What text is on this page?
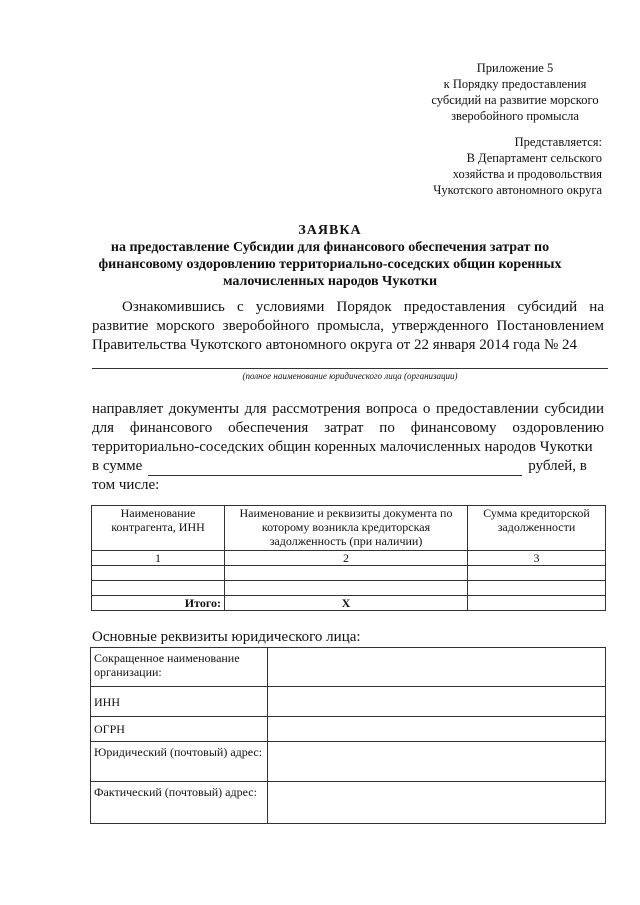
Приложение 5
к Порядку предоставления
субсидий на развитие морского
зверобойного промысла
Представляется:
В Департамент сельского
хозяйства и продовольствия
Чукотского автономного округа
ЗАЯВКА
на предоставление Субсидии для финансового обеспечения затрат по
финансовому оздоровлению территориально-соседских общин коренных
малочисленных народов Чукотки
Ознакомившись с условиями Порядок предоставления субсидий на развитие морского зверобойного промысла, утвержденного Постановлением Правительства Чукотского автономного округа от 22 января 2014 года № 24
(полное наименование юридического лица (организации)
направляет документы для рассмотрения вопроса о предоставлении субсидии для финансового обеспечения затрат по финансовому оздоровлению территориально-соседских общин коренных малочисленных народов Чукотки
в сумме	рублей, в
том числе:
Наименование контрагента, ИНН	Наименование и реквизиты документа по которому возникла кредиторская задолженность (при наличии)	Сумма кредиторской задолженности
1	2	3

Итого:	Х	
Основные реквизиты юридического лица:
Сокращенное наименование организации:	
ИНН	
ОГРН	
Юридический (почтовый) адрес:	
Фактический (почтовый) адрес:	
